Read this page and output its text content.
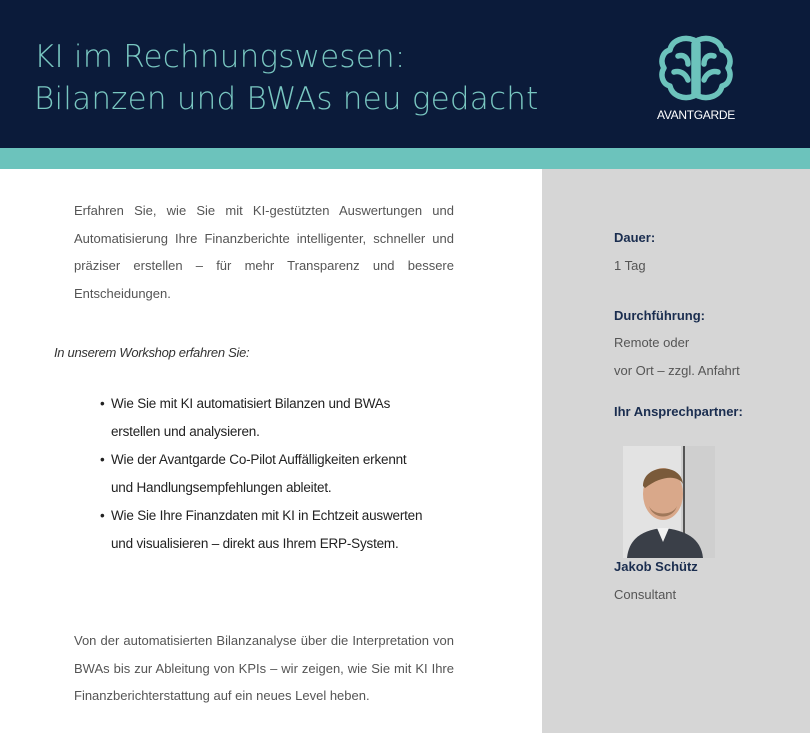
KI im Rechnungswesen:
Bilanzen und BWAs neu gedacht	AVANTGARDE
Erfahren Sie, wie Sie mit KI-gestützten Auswertungen und Automatisierung Ihre Finanzberichte intelligenter, schneller und präziser erstellen – für mehr Transparenz und bessere Entscheidungen.
In unserem Workshop erfahren Sie:
• Wie Sie mit KI automatisiert Bilanzen und BWAs erstellen und analysieren.
• Wie der Avantgarde Co-Pilot Auffälligkeiten erkennt und Handlungsempfehlungen ableitet.
• Wie Sie Ihre Finanzdaten mit KI in Echtzeit auswerten und visualisieren – direkt aus Ihrem ERP-System.
Von der automatisierten Bilanzanalyse über die Interpretation von BWAs bis zur Ableitung von KPIs – wir zeigen, wie Sie mit KI Ihre Finanzberichterstattung auf ein neues Level heben.
Dauer:
1 Tag
Durchführung:
Remote oder
vor Ort – zzgl. Anfahrt
Ihr Ansprechpartner:
Jakob Schütz
Consultant
